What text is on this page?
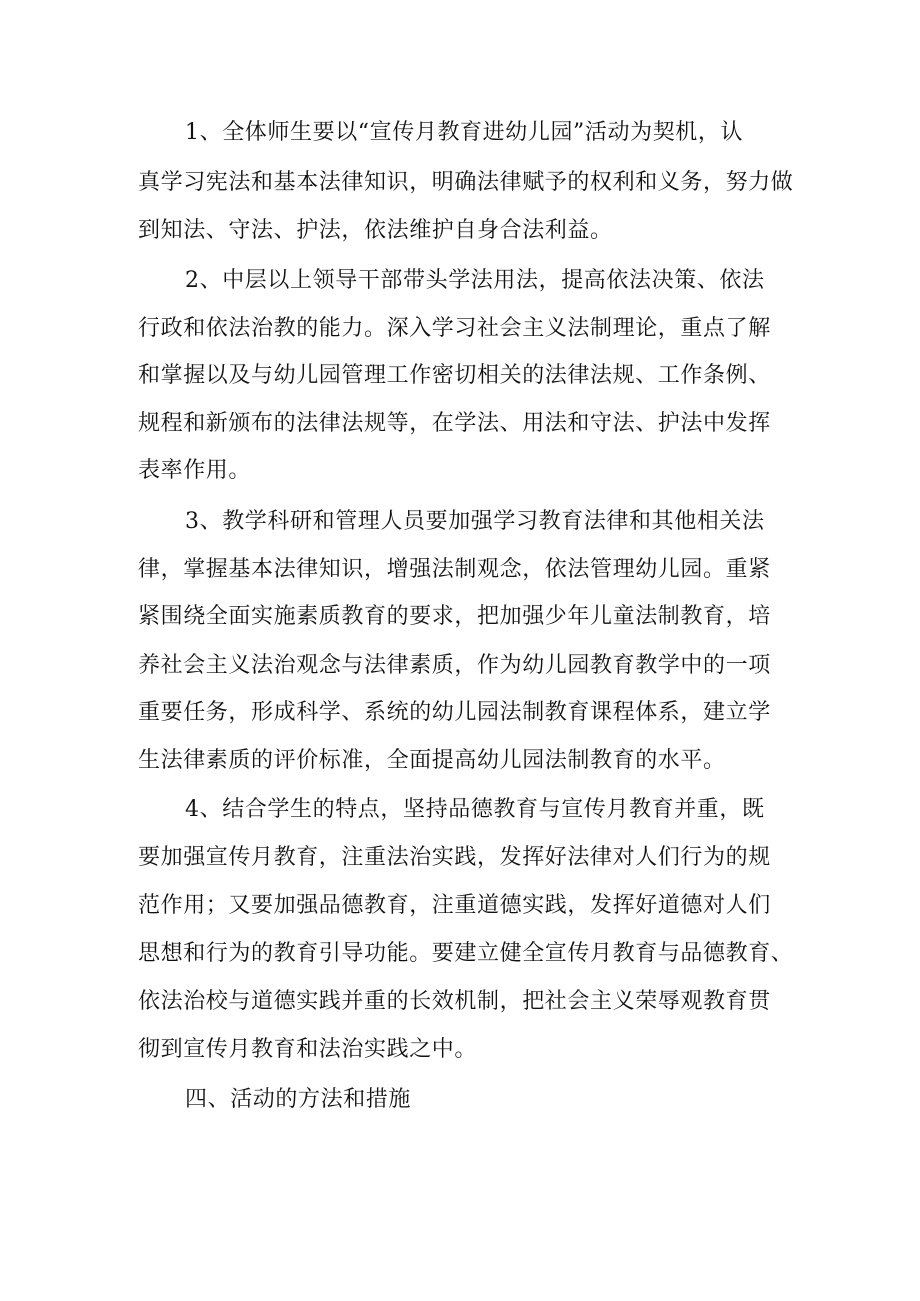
1、全体师生要以“宣传月教育进幼儿园”活动为契机，认
真学习宪法和基本法律知识，明确法律赋予的权利和义务，努力做
到知法、守法、护法，依法维护自身合法利益。
2、中层以上领导干部带头学法用法，提高依法决策、依法
行政和依法治教的能力。深入学习社会主义法制理论，重点了解
和掌握以及与幼儿园管理工作密切相关的法律法规、工作条例、
规程和新颁布的法律法规等，在学法、用法和守法、护法中发挥
表率作用。
3、教学科研和管理人员要加强学习教育法律和其他相关法
律，掌握基本法律知识，增强法制观念，依法管理幼儿园。重紧
紧围绕全面实施素质教育的要求，把加强少年儿童法制教育，培
养社会主义法治观念与法律素质，作为幼儿园教育教学中的一项
重要任务，形成科学、系统的幼儿园法制教育课程体系，建立学
生法律素质的评价标准，全面提高幼儿园法制教育的水平。
4、结合学生的特点，坚持品德教育与宣传月教育并重，既
要加强宣传月教育，注重法治实践，发挥好法律对人们行为的规
范作用；又要加强品德教育，注重道德实践，发挥好道德对人们
思想和行为的教育引导功能。要建立健全宣传月教育与品德教育、
依法治校与道德实践并重的长效机制，把社会主义荣辱观教育贯
彻到宣传月教育和法治实践之中。
四、活动的方法和措施
